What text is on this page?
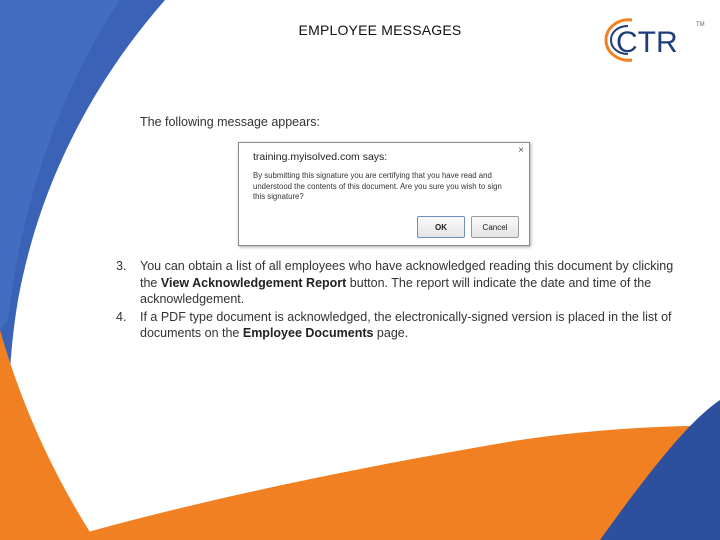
EMPLOYEE MESSAGES	CTR
TM
The following message appears:
training.myisolved.com says:
×
By submitting this signature you are certifying that you have read and understood the contents of this document. Are you sure you wish to sign this signature?
OK	Cancel
3. You can obtain a list of all employees who have acknowledged reading this document by clicking the View Acknowledgement Report button. The report will indicate the date and time of the acknowledgement.
4. If a PDF type document is acknowledged, the electronically-signed version is placed in the list of documents on the Employee Documents page.
